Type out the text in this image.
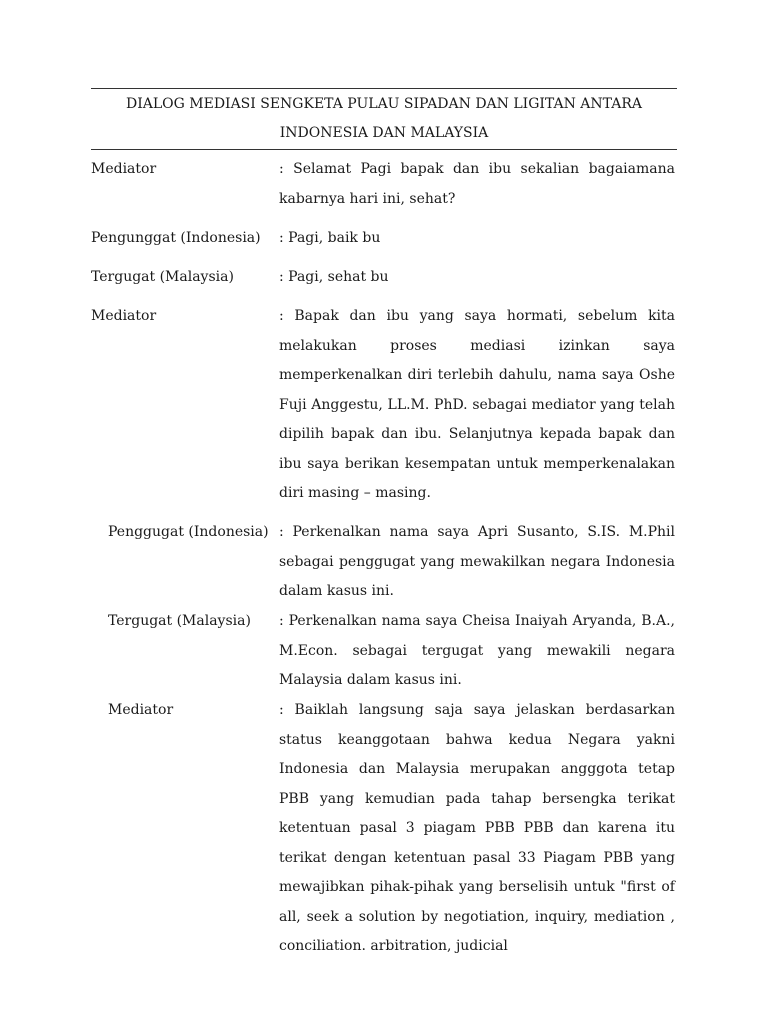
DIALOG MEDIASI SENGKETA PULAU SIPADAN DAN LIGITAN ANTARA
INDONESIA DAN MALAYSIA
Mediator	: Selamat Pagi bapak dan ibu sekalian bagaiamana kabarnya hari ini, sehat?
Pengunggat (Indonesia) : Pagi, baik bu
Tergugat (Malaysia)	: Pagi, sehat bu
Mediator	: Bapak dan ibu yang saya hormati, sebelum kita melakukan proses mediasi izinkan saya memperkenalkan diri terlebih dahulu, nama saya Oshe Fuji Anggestu, LL.M. PhD. sebagai mediator yang telah dipilih bapak dan ibu. Selanjutnya kepada bapak dan ibu saya berikan kesempatan untuk memperkenalakan diri masing – masing.
Penggugat (Indonesia) : Perkenalkan nama saya Apri Susanto, S.IS. M.Phil sebagai penggugat yang mewakilkan negara Indonesia dalam kasus ini.
Tergugat (Malaysia) : Perkenalkan nama saya Cheisa Inaiyah Aryanda, B.A., M.Econ. sebagai tergugat yang mewakili negara Malaysia dalam kasus ini.
Mediator	: Baiklah langsung saja saya jelaskan berdasarkan status keanggotaan bahwa kedua Negara yakni Indonesia dan Malaysia merupakan angggota tetap PBB yang kemudian pada tahap bersengka terikat ketentuan pasal 3 piagam PBB PBB dan karena itu terikat dengan ketentuan pasal 33 Piagam PBB yang mewajibkan pihak-pihak yang berselisih untuk "first of all, seek a solution by negotiation, inquiry, mediation , conciliation. arbitration, judicial
